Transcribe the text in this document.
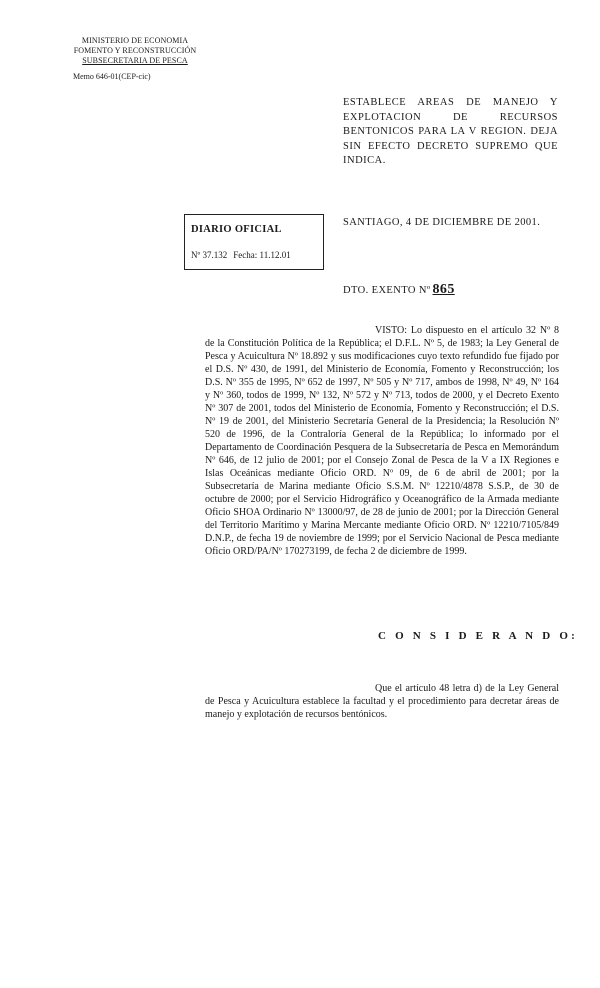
MINISTERIO DE ECONOMIA
FOMENTO Y RECONSTRUCCIÓN
SUBSECRETARIA DE PESCA
Memo 646-01(CEP-cic)
ESTABLECE AREAS DE MANEJO Y EXPLOTACION DE RECURSOS BENTONICOS PARA LA V REGION. DEJA SIN EFECTO DECRETO SUPREMO QUE INDICA.
DIARIO OFICIAL
Nº 37.132 Fecha: 11.12.01
SANTIAGO, 4 DE DICIEMBRE DE 2001.
DTO. EXENTO Nº 865
VISTO: Lo dispuesto en el artículo 32 Nº 8 de la Constitución Política de la República; el D.F.L. Nº 5, de 1983; la Ley General de Pesca y Acuicultura Nº 18.892 y sus modificaciones cuyo texto refundido fue fijado por el D.S. Nº 430, de 1991, del Ministerio de Economía, Fomento y Reconstrucción; los D.S. Nº 355 de 1995, Nº 652 de 1997, Nº 505 y Nº 717, ambos de 1998, Nº 49, Nº 164 y Nº 360, todos de 1999, Nº 132, Nº 572 y Nº 713, todos de 2000, y el Decreto Exento Nº 307 de 2001, todos del Ministerio de Economía, Fomento y Reconstrucción; el D.S. Nº 19 de 2001, del Ministerio Secretaría General de la Presidencia; la Resolución Nº 520 de 1996, de la Contraloría General de la República; lo informado por el Departamento de Coordinación Pesquera de la Subsecretaría de Pesca en Memorándum Nº 646, de 12 julio de 2001; por el Consejo Zonal de Pesca de la V a IX Regiones e Islas Oceánicas mediante Oficio ORD. Nº 09, de 6 de abril de 2001; por la Subsecretaría de Marina mediante Oficio S.S.M. Nº 12210/4878 S.S.P., de 30 de octubre de 2000; por el Servicio Hidrográfico y Oceanográfico de la Armada mediante Oficio SHOA Ordinario Nº 13000/97, de 28 de junio de 2001; por la Dirección General del Territorio Marítimo y Marina Mercante mediante Oficio ORD. Nº 12210/7105/849 D.N.P., de fecha 19 de noviembre de 1999; por el Servicio Nacional de Pesca mediante Oficio ORD/PA/Nº 170273199, de fecha 2 de diciembre de 1999.
C O N S I D E R A N D O:
Que el artículo 48 letra d) de la Ley General de Pesca y Acuicultura establece la facultad y el procedimiento para decretar áreas de manejo y explotación de recursos bentónicos.
